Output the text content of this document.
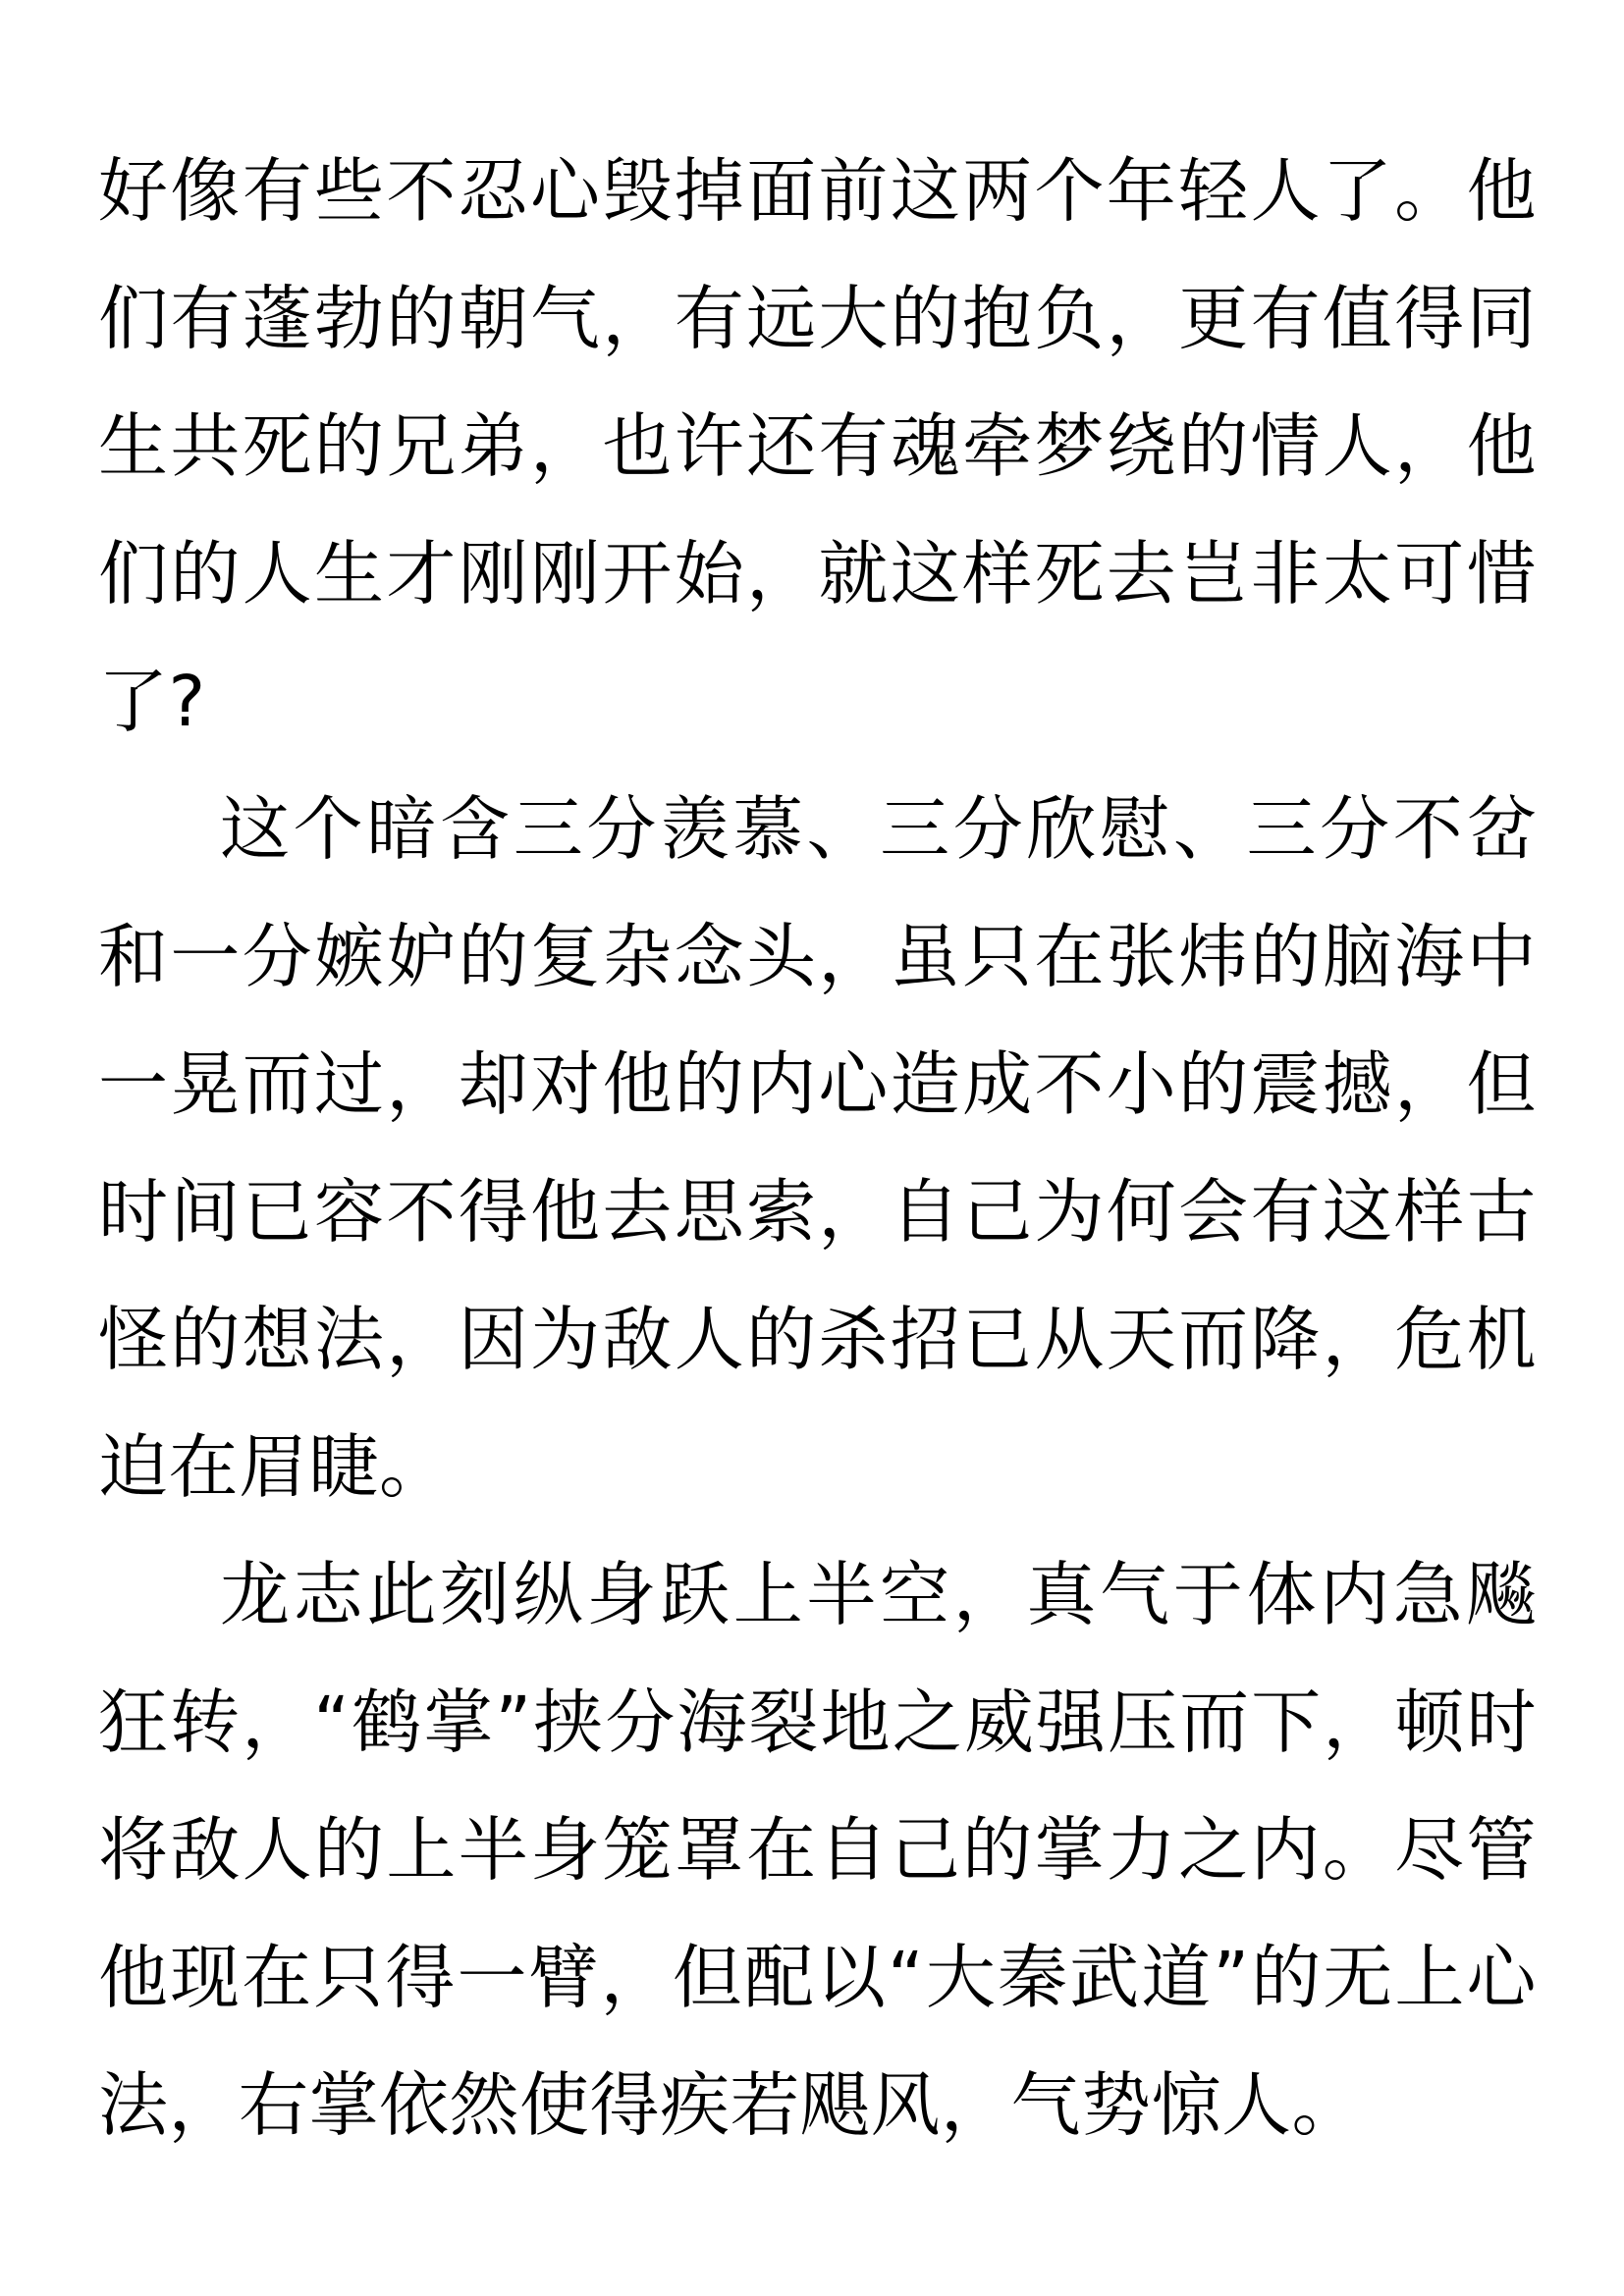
好像有些不忍心毁掉面前这两个年轻人了。他们有蓬勃的朝气，有远大的抱负，更有值得同生共死的兄弟，也许还有魂牵梦绕的情人，他们的人生才刚刚开始，就这样死去岂非太可惜了?

这个暗含三分羡慕、三分欣慰、三分不岔和一分嫉妒的复杂念头，虽只在张炜的脑海中一晃而过，却对他的内心造成不小的震撼，但时间已容不得他去思索，自己为何会有这样古怪的想法，因为敌人的杀招已从天而降，危机迫在眉睫。

龙志此刻纵身跃上半空，真气于体内急飚狂转，“鹤掌”挟分海裂地之威强压而下，顿时将敌人的上半身笼罩在自己的掌力之内。尽管他现在只得一臂，但配以“大秦武道”的无上心法，右掌依然使得疾若飓风，气势惊人。
